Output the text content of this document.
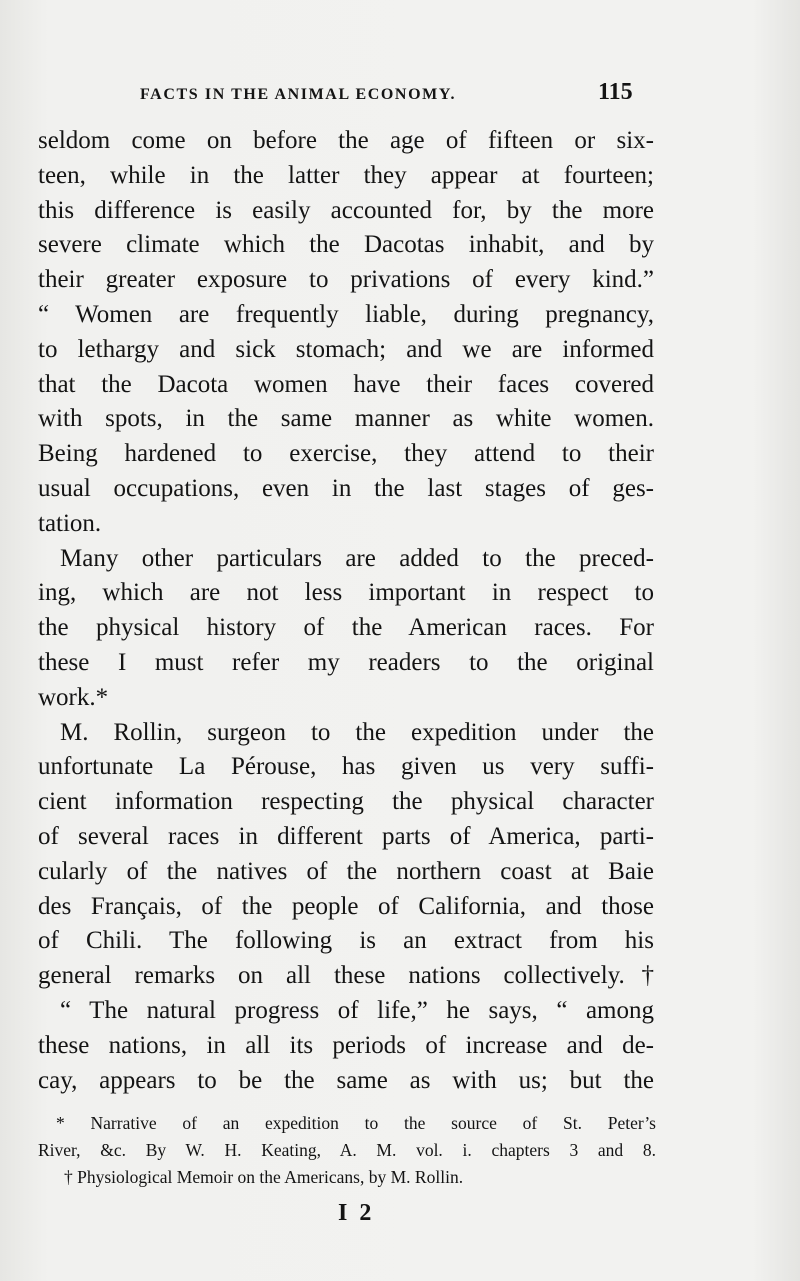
FACTS IN THE ANIMAL ECONOMY.	115
seldom come on before the age of fifteen or six-
teen, while in the latter they appear at fourteen;
this difference is easily accounted for, by the more
severe climate which the Dacotas inhabit, and by
their greater exposure to privations of every kind.”
“ Women are frequently liable, during pregnancy,
to lethargy and sick stomach; and we are informed
that the Dacota women have their faces covered
with spots, in the same manner as white women.
Being hardened to exercise, they attend to their
usual occupations, even in the last stages of ges-
tation.
Many other particulars are added to the preced-
ing, which are not less important in respect to
the physical history of the American races. For
these I must refer my readers to the original
work.*
M. Rollin, surgeon to the expedition under the
unfortunate La Pérouse, has given us very suffi-
cient information respecting the physical character
of several races in different parts of America, parti-
cularly of the natives of the northern coast at Baie
des Français, of the people of California, and those
of Chili. The following is an extract from his
general remarks on all these nations collectively.†
“ The natural progress of life,” he says, “ among
these nations, in all its periods of increase and de-
cay, appears to be the same as with us; but the
* Narrative of an expedition to the source of St. Peter’s
River, &c. By W. H. Keating, A. M. vol. i. chapters 3 and 8.
† Physiological Memoir on the Americans, by M. Rollin.
I 2
